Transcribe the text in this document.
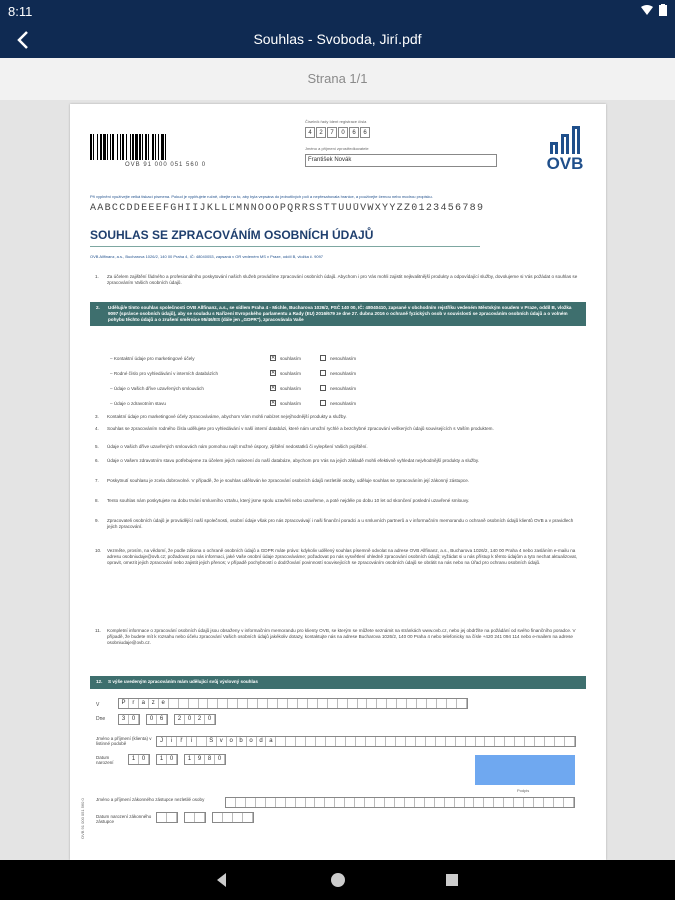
8:11
Souhlas - Svoboda, Jirí.pdf
Strana 1/1
OVB 91 000 051 560 0
Číselník řady Ident registrace čísla
4	2	7	0	6	6
Jméno a příjmení zprostředkovatele
František Novák	OVB
Při vyplnění využívejte velká tiskací písmena. Pokud je vyplňujete ručně, dbejte na to, aby byla vepsána do jednotlivých polí a nepřesahovala hranice, a používejte černou nebo modrou propisku.
AÁBCČDĎEÉĚFGHIÍJKLĹĽMNŇOÓÔPQRŘSŠTŤUÚŮVWXYÝZŽ0123456789
SOUHLAS SE ZPRACOVÁNÍM OSOBNÍCH ÚDAJŮ
OVB Allfinanz, a.s., Bucharova 1026/2, 140 00 Praha 4, IČ: 48040053, zapsaná v OR vedeném MS v Praze, oddíl B, vložka č. 9097
1. Za účelem zajištění řádného a profesionálního poskytování našich služeb provádíme zpracování osobních údajů. Abychom i pro Vás mohli zajistit nejkvalitnější produkty a odpovídající služby, dovolujeme si Vás požádat o souhlas se zpracováním Vašich osobních údajů.
2. Uděluji/e tímto souhlas společnosti OVB Allfinanz, a.s., se sídlem Praha 4 - Michle, Bucharova 1026/2, PSČ 140 00, IČ: 48040410, zapsané v obchodním rejstříku vedeném Městským soudem v Praze, oddíl B, vložka 9097 (správce osobních údajů), aby se souladu s Nařízení Evropského parlamentu a Rady (EU) 2016/679 ze dne 27. dubna 2016 o ochraně fyzických osob v souvislosti se zpracováním osobních údajů a o volném pohybu těchto údajů a o zrušení směrnice 95/46/ES (dále jen „GDPR"), zpracovávala Vaše
– Kontaktní údaje pro marketingové účely	✕ souhlasím	nesouhlasím
– Rodné číslo pro vyhledávání v interních databázích	✕ souhlasím	nesouhlasím
– Údaje o Vašich dříve uzavřených smlouvách	✕ souhlasím	nesouhlasím
– Údaje o zdravotním stavu	✕ souhlasím	nesouhlasím
3. Kontaktní údaje pro marketingové účely zpracováváme, abychom Vám mohli nabízet nejvýhodnější produkty a služby.
4. Souhlas se zpracováním rodného čísla udělujete pro vyhledávání v naší interní databázi, které nám umožní rychlé a bezchybné zpracování veškerých údajů souvisejících s Vaším produktem.
5. Údaje o Vašich dříve uzavřených smlouvách nám pomohou najít možné úspory, zjištění nedostatků či vylepšení Vašich pojištění.
6. Údaje o Vašem zdravotním stavu potřebujeme za účelem jejich nalezení do naší databáze, abychom pro Vás na jejich základě mohli efektivně vyhledat nejvhodnější produkty a služby.
7. Poskytnutí souhlasu je zcela dobrovolné. V případě, že je souhlas udělován ke zpracování osobních údajů nezletilé osoby, uděluje souhlas se zpracováním její zákonný zástupce.
8. Tento souhlas nám poskytujete na dobu trvání smluvního vztahu, který jsme spolu uzavřeli nebo uzavřeme, a poté nejdéle po dobu 10 let od skončení poslední uzavřené smlouvy.
9. Zpracovateli osobních údajů je provádějící naší společnosti, osobní údaje však pro nás zpracovávají i naši finanční poradci a u smluvních partnerů a v informačním memorandu o ochraně osobních údajů klientů OVB a v pravidlech jejich zpracování.
10. Vezměte, prosím, na vědomí, že podle zákona o ochraně osobních údajů a GDPR máte právo: kdykoliv udělený souhlas písemně odvolat na adrese OVB Allfinanz, a.s., Bucharova 1026/2, 140 00 Praha 4 nebo zasláním e-mailu na adresu osobniudaje@ovb.cz; požadovat po nás informaci, jaké Vaše osobní údaje zpracováváme; požadovat po nás vysvětlení ohledně zpracování osobních údajů; vyžádat si u nás přístup k těmto údajům a tyto nechat aktualizovat, opravit, omezit jejich zpracování nebo zajistit jejich přenos; v případě pochybností o dodržování povinností souvisejících se zpracováním osobních údajů se obrátit na nás nebo na Úřad pro ochranu osobních údajů.
11. Kompletní informace o zpracování osobních údajů jsou obsaženy v informačním memorandu pro klienty OVB, se kterým se můžete seznámit na stránkách www.ovb.cz, nebo jej obdržíte na požádání od svého finančního poradce. V případě, že budete mít k rozsahu nebo účelu zpracování Vašich osobních údajů jakékoliv dotazy, kontaktujte nás na adrese Bucharova 1026/2, 140 00 Praha 4 nebo telefonicky na čísle +420 241 094 114 nebo e-mailem na adrese osobniudaje@ovb.cz.
12. S výše uvedeným zpracováním mám udělující svůj výslovný souhlas
V	P	r	a	z	e
Dne	3	0	0	6	2	0	2	0
Jméno a příjmení (klienta) v listinné podobě	J	i	ř	í	S	v	o	b	o	d	a
Datum narození
1	0	1	0	1	9	8	0
Podpis
Jméno a příjmení zákonného zástupce nezletilé osoby
Datum narození zákonného zástupce
OVB 91 000 051 560 0
